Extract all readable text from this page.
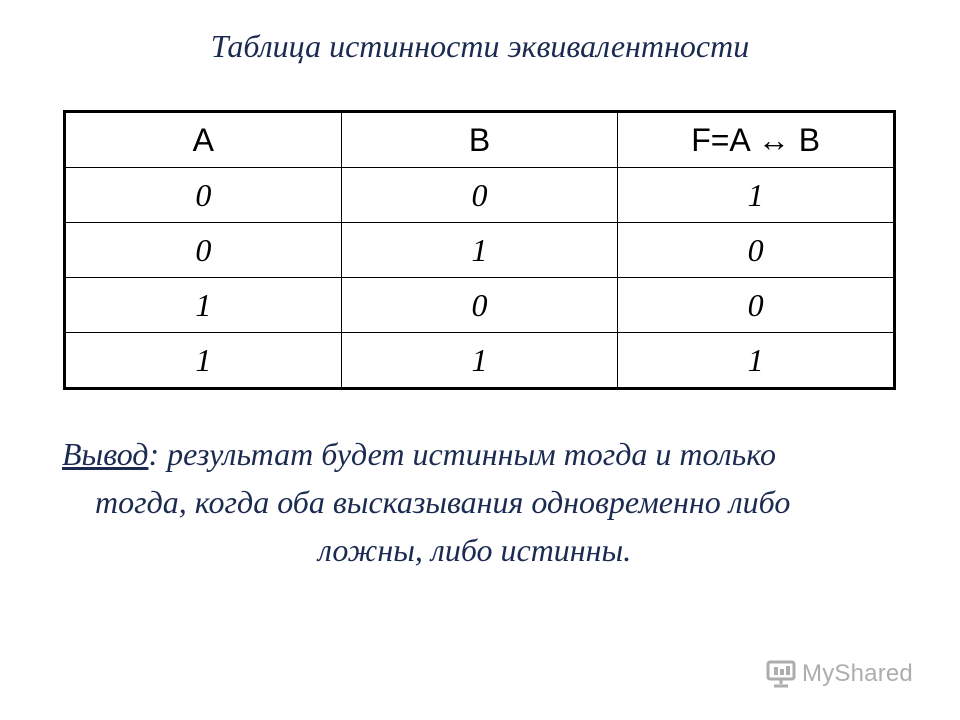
Таблица истинности эквивалентности
A	B	F=A ↔ B
0	0	1
0	1	0
1	0	0
1	1	1
Вывод: результат будет истинным тогда и только
тогда, когда оба высказывания одновременно либо
ложны, либо истинны.
MyShared
